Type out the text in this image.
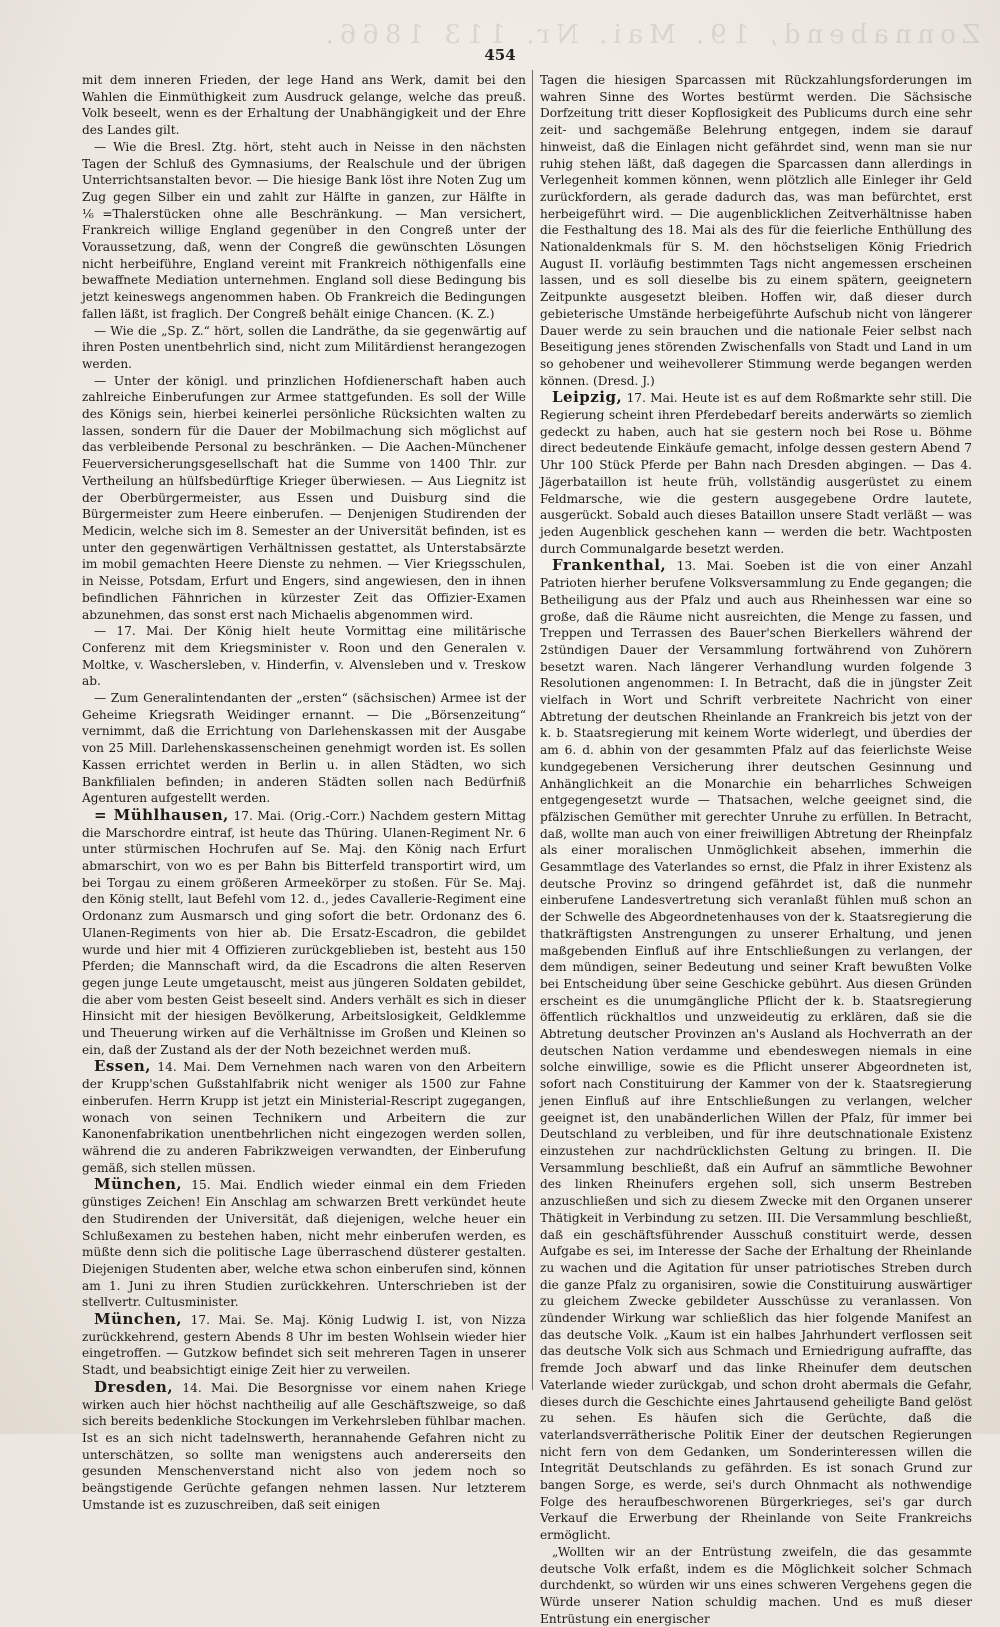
Zonnabend, 19. Mai. Nr. 113 1866.
454

mit dem inneren Frieden, der lege Hand ans Werk, damit bei den Wahlen die Einmüthigkeit zum Ausdruck gelange, welche das preuß. Volk beseelt, wenn es der Erhaltung der Unabhängigkeit und der Ehre des Landes gilt.

— Wie die Bresl. Ztg. hört, steht auch in Neisse in den nächsten Tagen der Schluß des Gymnasiums, der Realschule und der übrigen Unterrichtsanstalten bevor. — Die hiesige Bank löst ihre Noten Zug um Zug gegen Silber ein und zahlt zur Hälfte in ganzen, zur Hälfte in ⅙=Thalerstücken ohne alle Beschränkung. — Man versichert, Frankreich willige England gegenüber in den Congreß unter der Voraussetzung, daß, wenn der Congreß die gewünschten Lösungen nicht herbeiführe, England vereint mit Frankreich nöthigenfalls eine bewaffnete Mediation unternehmen. England soll diese Bedingung bis jetzt keineswegs angenommen haben. Ob Frankreich die Bedingungen fallen läßt, ist fraglich. Der Congreß behält einige Chancen. (K. Z.)

— Wie die „Sp. Z.“ hört, sollen die Landräthe, da sie gegenwärtig auf ihren Posten unentbehrlich sind, nicht zum Militärdienst herangezogen werden.

— Unter der königl. und prinzlichen Hofdienerschaft haben auch zahlreiche Einberufungen zur Armee stattgefunden. Es soll der Wille des Königs sein, hierbei keinerlei persönliche Rücksichten walten zu lassen, sondern für die Dauer der Mobilmachung sich möglichst auf das verbleibende Personal zu beschränken. — Die Aachen-Münchener Feuerversicherungsgesellschaft hat die Summe von 1400 Thlr. zur Vertheilung an hülfsbedürftige Krieger überwiesen. — Aus Liegnitz ist der Oberbürgermeister, aus Essen und Duisburg sind die Bürgermeister zum Heere einberufen. — Denjenigen Studirenden der Medicin, welche sich im 8. Semester an der Universität befinden, ist es unter den gegenwärtigen Verhältnissen gestattet, als Unterstabsärzte im mobil gemachten Heere Dienste zu nehmen. — Vier Kriegsschulen, in Neisse, Potsdam, Erfurt und Engers, sind angewiesen, den in ihnen befindlichen Fähnrichen in kürzester Zeit das Offizier-Examen abzunehmen, das sonst erst nach Michaelis abgenommen wird.

— 17. Mai. Der König hielt heute Vormittag eine militärische Conferenz mit dem Kriegsminister v. Roon und den Generalen v. Moltke, v. Waschersleben, v. Hinderfin, v. Alvensleben und v. Treskow ab.

— Zum Generalintendanten der „ersten“ (sächsischen) Armee ist der Geheime Kriegsrath Weidinger ernannt. — Die „Börsenzeitung“ vernimmt, daß die Errichtung von Darlehenskassen mit der Ausgabe von 25 Mill. Darlehenskassenscheinen genehmigt worden ist. Es sollen Kassen errichtet werden in Berlin u. in allen Städten, wo sich Bankfilialen befinden; in anderen Städten sollen nach Bedürfniß Agenturen aufgestellt werden.

= Mühlhausen, 17. Mai. (Orig.-Corr.) Nachdem gestern Mittag die Marschordre eintraf, ist heute das Thüring. Ulanen-Regiment Nr. 6 unter stürmischen Hochrufen auf Se. Maj. den König nach Erfurt abmarschirt, von wo es per Bahn bis Bitterfeld transportirt wird, um bei Torgau zu einem größeren Armeekörper zu stoßen. Für Se. Maj. den König stellt, laut Befehl vom 12. d., jedes Cavallerie-Regiment eine Ordonanz zum Ausmarsch und ging sofort die betr. Ordonanz des 6. Ulanen-Regiments von hier ab. Die Ersatz-Escadron, die gebildet wurde und hier mit 4 Offizieren zurückgeblieben ist, besteht aus 150 Pferden; die Mannschaft wird, da die Escadrons die alten Reserven gegen junge Leute umgetauscht, meist aus jüngeren Soldaten gebildet, die aber vom besten Geist beseelt sind. Anders verhält es sich in dieser Hinsicht mit der hiesigen Bevölkerung, Arbeitslosigkeit, Geldklemme und Theuerung wirken auf die Verhältnisse im Großen und Kleinen so ein, daß der Zustand als der der Noth bezeichnet werden muß.

Essen, 14. Mai. Dem Vernehmen nach waren von den Arbeitern der Krupp'schen Gußstahlfabrik nicht weniger als 1500 zur Fahne einberufen. Herrn Krupp ist jetzt ein Ministerial-Rescript zugegangen, wonach von seinen Technikern und Arbeitern die zur Kanonenfabrikation unentbehrlichen nicht eingezogen werden sollen, während die zu anderen Fabrikzweigen verwandten, der Einberufung gemäß, sich stellen müssen.

München, 15. Mai. Endlich wieder einmal ein dem Frieden günstiges Zeichen! Ein Anschlag am schwarzen Brett verkündet heute den Studirenden der Universität, daß diejenigen, welche heuer ein Schlußexamen zu bestehen haben, nicht mehr einberufen werden, es müßte denn sich die politische Lage überraschend düsterer gestalten. Diejenigen Studenten aber, welche etwa schon einberufen sind, können am 1. Juni zu ihren Studien zurückkehren. Unterschrieben ist der stellvertr. Cultusminister.

München, 17. Mai. Se. Maj. König Ludwig I. ist, von Nizza zurückkehrend, gestern Abends 8 Uhr im besten Wohlsein wieder hier eingetroffen. — Gutzkow befindet sich seit mehreren Tagen in unserer Stadt, und beabsichtigt einige Zeit hier zu verweilen.

Dresden, 14. Mai. Die Besorgnisse vor einem nahen Kriege wirken auch hier höchst nachtheilig auf alle Geschäftszweige, so daß sich bereits bedenkliche Stockungen im Verkehrsleben fühlbar machen. Ist es an sich nicht tadelnswerth, herannahende Gefahren nicht zu unterschätzen, so sollte man wenigstens auch andererseits den gesunden Menschenverstand nicht also von jedem noch so beängstigende Gerüchte gefangen nehmen lassen. Nur letzterem Umstande ist es zuzuschreiben, daß seit einigen

Tagen die hiesigen Sparcassen mit Rückzahlungsforderungen im wahren Sinne des Wortes bestürmt werden. Die Sächsische Dorfzeitung tritt dieser Kopflosigkeit des Publicums durch eine sehr zeit- und sachgemäße Belehrung entgegen, indem sie darauf hinweist, daß die Einlagen nicht gefährdet sind, wenn man sie nur ruhig stehen läßt, daß dagegen die Sparcassen dann allerdings in Verlegenheit kommen können, wenn plötzlich alle Einleger ihr Geld zurückfordern, als gerade dadurch das, was man befürchtet, erst herbeigeführt wird. — Die augenblicklichen Zeitverhältnisse haben die Festhaltung des 18. Mai als des für die feierliche Enthüllung des Nationaldenkmals für S. M. den höchstseligen König Friedrich August II. vorläufig bestimmten Tags nicht angemessen erscheinen lassen, und es soll dieselbe bis zu einem spätern, geeignetern Zeitpunkte ausgesetzt bleiben. Hoffen wir, daß dieser durch gebieterische Umstände herbeigeführte Aufschub nicht von längerer Dauer werde zu sein brauchen und die nationale Feier selbst nach Beseitigung jenes störenden Zwischenfalls von Stadt und Land in um so gehobener und weihevollerer Stimmung werde begangen werden können. (Dresd. J.)

Leipzig, 17. Mai. Heute ist es auf dem Roßmarkte sehr still. Die Regierung scheint ihren Pferdebedarf bereits anderwärts so ziemlich gedeckt zu haben, auch hat sie gestern noch bei Rose u. Böhme direct bedeutende Einkäufe gemacht, infolge dessen gestern Abend 7 Uhr 100 Stück Pferde per Bahn nach Dresden abgingen. — Das 4. Jägerbataillon ist heute früh, vollständig ausgerüstet zu einem Feldmarsche, wie die gestern ausgegebene Ordre lautete, ausgerückt. Sobald auch dieses Bataillon unsere Stadt verläßt — was jeden Augenblick geschehen kann — werden die betr. Wachtposten durch Communalgarde besetzt werden.

Frankenthal, 13. Mai. Soeben ist die von einer Anzahl Patrioten hierher berufene Volksversammlung zu Ende gegangen; die Betheiligung aus der Pfalz und auch aus Rheinhessen war eine so große, daß die Räume nicht ausreichten, die Menge zu fassen, und Treppen und Terrassen des Bauer'schen Bierkellers während der 2stündigen Dauer der Versammlung fortwährend von Zuhörern besetzt waren. Nach längerer Verhandlung wurden folgende 3 Resolutionen angenommen: I. In Betracht, daß die in jüngster Zeit vielfach in Wort und Schrift verbreitete Nachricht von einer Abtretung der deutschen Rheinlande an Frankreich bis jetzt von der k. b. Staatsregierung mit keinem Worte widerlegt, und überdies der am 6. d. abhin von der gesammten Pfalz auf das feierlichste Weise kundgegebenen Versicherung ihrer deutschen Gesinnung und Anhänglichkeit an die Monarchie ein beharrliches Schweigen entgegengesetzt wurde — Thatsachen, welche geeignet sind, die pfälzischen Gemüther mit gerechter Unruhe zu erfüllen. In Betracht, daß, wollte man auch von einer freiwilligen Abtretung der Rheinpfalz als einer moralischen Unmöglichkeit absehen, immerhin die Gesammtlage des Vaterlandes so ernst, die Pfalz in ihrer Existenz als deutsche Provinz so dringend gefährdet ist, daß die nunmehr einberufene Landesvertretung sich veranlaßt fühlen muß schon an der Schwelle des Abgeordnetenhauses von der k. Staatsregierung die thatkräftigsten Anstrengungen zu unserer Erhaltung, und jenen maßgebenden Einfluß auf ihre Entschließungen zu verlangen, der dem mündigen, seiner Bedeutung und seiner Kraft bewußten Volke bei Entscheidung über seine Geschicke gebührt. Aus diesen Gründen erscheint es die unumgängliche Pflicht der k. b. Staatsregierung öffentlich rückhaltlos und unzweideutig zu erklären, daß sie die Abtretung deutscher Provinzen an's Ausland als Hochverrath an der deutschen Nation verdamme und ebendeswegen niemals in eine solche einwillige, sowie es die Pflicht unserer Abgeordneten ist, sofort nach Constituirung der Kammer von der k. Staatsregierung jenen Einfluß auf ihre Entschließungen zu verlangen, welcher geeignet ist, den unabänderlichen Willen der Pfalz, für immer bei Deutschland zu verbleiben, und für ihre deutschnationale Existenz einzustehen zur nachdrücklichsten Geltung zu bringen. II. Die Versammlung beschließt, daß ein Aufruf an sämmtliche Bewohner des linken Rheinufers ergehen soll, sich unserm Bestreben anzuschließen und sich zu diesem Zwecke mit den Organen unserer Thätigkeit in Verbindung zu setzen. III. Die Versammlung beschließt, daß ein geschäftsführender Ausschuß constituirt werde, dessen Aufgabe es sei, im Interesse der Sache der Erhaltung der Rheinlande zu wachen und die Agitation für unser patriotisches Streben durch die ganze Pfalz zu organisiren, sowie die Constituirung auswärtiger zu gleichem Zwecke gebildeter Ausschüsse zu veranlassen. Von zündender Wirkung war schließlich das hier folgende Manifest an das deutsche Volk. „Kaum ist ein halbes Jahrhundert verflossen seit das deutsche Volk sich aus Schmach und Erniedrigung aufraffte, das fremde Joch abwarf und das linke Rheinufer dem deutschen Vaterlande wieder zurückgab, und schon droht abermals die Gefahr, dieses durch die Geschichte eines Jahrtausend geheiligte Band gelöst zu sehen. Es häufen sich die Gerüchte, daß die vaterlandsverrätherische Politik Einer der deutschen Regierungen nicht fern von dem Gedanken, um Sonderinteressen willen die Integrität Deutschlands zu gefährden. Es ist sonach Grund zur bangen Sorge, es werde, sei's durch Ohnmacht als nothwendige Folge des heraufbeschworenen Bürgerkrieges, sei's gar durch Verkauf die Erwerbung der Rheinlande von Seite Frankreichs ermöglicht.

„Wollten wir an der Entrüstung zweifeln, die das gesammte deutsche Volk erfaßt, indem es die Möglichkeit solcher Schmach durchdenkt, so würden wir uns eines schweren Vergehens gegen die Würde unserer Nation schuldig machen. Und es muß dieser Entrüstung ein energischer
